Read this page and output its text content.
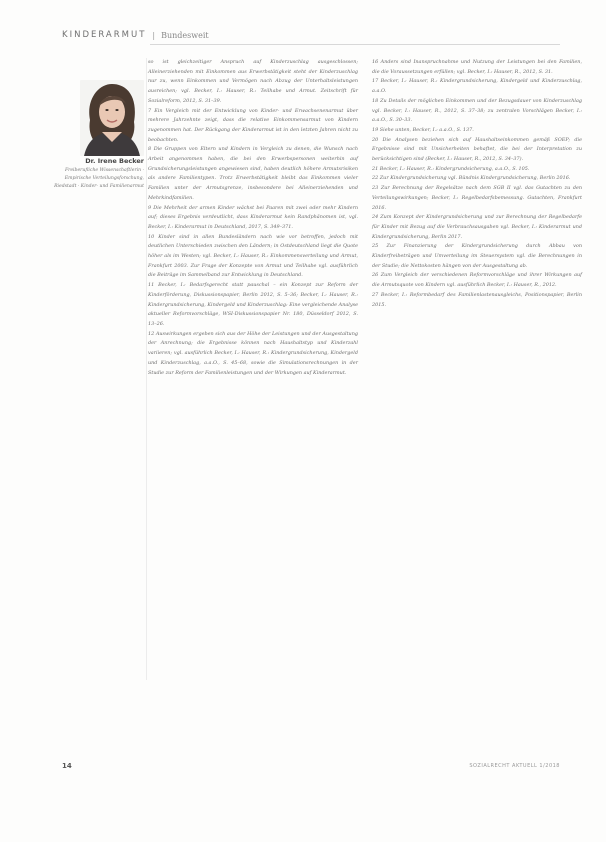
KINDERARMUT | Bundesweit
Dr. Irene Becker
Freiberufliche Wissenschaftlerin · Empirische Verteilungsforschung, Riedstadt · Kinder- und Familienarmut

so ist gleichzeitiger Anspruch auf Kinderzuschlag ausgeschlossen; Alleinerziehenden mit Einkommen aus Erwerbstätigkeit steht der Kinderzuschlag nur zu, wenn Einkommen und Vermögen nach Abzug der Unterhaltsleistungen ausreichen; vgl. Becker, I.: Hauser, R.: Teilhabe und Armut. Zeitschrift für Sozialreform, 2012, S. 31–39.

7 Ein Vergleich mit der Entwicklung von Kinder- und Erwachsenenarmut über mehrere Jahrzehnte zeigt, dass die relative Einkommensarmut von Kindern zugenommen hat. Der Rückgang der Kinderarmut ist in den letzten Jahren nicht zu beobachten.

8 Die Gruppen von Eltern und Kindern in Vergleich zu denen, die Wunsch nach Arbeit angenommen haben, die bei den Erwerbspersonen weiterhin auf Grundsicherungsleistungen angewiesen sind, haben deutlich höhere Armutsrisiken als andere Familientypen. Trotz Erwerbstätigkeit bleibt das Einkommen vieler Familien unter der Armutsgrenze, insbesondere bei Alleinerziehenden und Mehrkindfamilien.

9 Die Mehrheit der armen Kinder wächst bei Paaren mit zwei oder mehr Kindern auf; dieses Ergebnis verdeutlicht, dass Kinderarmut kein Randphänomen ist, vgl. Becker, I.: Kinderarmut in Deutschland, 2017, S. 349–371.

10 Kinder sind in allen Bundesländern nach wie vor betroffen, jedoch mit deutlichen Unterschieden zwischen den Ländern; in Ostdeutschland liegt die Quote höher als im Westen; vgl. Becker, I.: Hauser, R.: Einkommensverteilung und Armut, Frankfurt 2003. Zur Frage der Konzepte von Armut und Teilhabe vgl. ausführlich die Beiträge im Sammelband zur Entwicklung in Deutschland.

11 Becker, I.: Bedarfsgerecht statt pauschal – ein Konzept zur Reform der Kinderförderung, Diskussionspapier, Berlin 2012, S. 5–36; Becker, I.: Hauser, R.: Kindergrundsicherung, Kindergeld und Kinderzuschlag: Eine vergleichende Analyse aktueller Reformvorschläge, WSI-Diskussionspapier Nr. 180, Düsseldorf 2012, S. 13–26.

12 Auswirkungen ergeben sich aus der Höhe der Leistungen und der Ausgestaltung der Anrechnung; die Ergebnisse können nach Haushaltstyp und Kinderzahl variieren; vgl. ausführlich Becker, I.: Hauser, R.: Kindergrundsicherung, Kindergeld und Kinderzuschlag, a.a.O., S. 45–68, sowie die Simulationsrechnungen in der Studie zur Reform der Familienleistungen und der Wirkungen auf Kinderarmut.

16 Anders sind Inanspruchnahme und Nutzung der Leistungen bei den Familien, die die Voraussetzungen erfüllen; vgl. Becker, I.: Hauser, R., 2012, S. 31.

17 Becker, I.: Hauser, R.: Kindergrundsicherung, Kindergeld und Kinderzuschlag, a.a.O.

18 Zu Details der möglichen Einkommen und der Bezugsdauer von Kinderzuschlag vgl. Becker, I.: Hauser, R., 2012, S. 37–38; zu zentralen Vorschlägen Becker, I.: a.a.O., S. 30–33.

19 Siehe unten, Becker, I.: a.a.O., S. 137.

20 Die Analysen beziehen sich auf Haushaltseinkommen gemäß SOEP; die Ergebnisse sind mit Unsicherheiten behaftet, die bei der Interpretation zu berücksichtigen sind (Becker, I.: Hauser, R., 2012, S. 34–37).

21 Becker, I.: Hauser, R.: Kindergrundsicherung, a.a.O., S. 105.

22 Zur Kindergrundsicherung vgl. Bündnis Kindergrundsicherung, Berlin 2016.

23 Zur Berechnung der Regelsätze nach dem SGB II vgl. das Gutachten zu den Verteilungswirkungen; Becker, I.: Regelbedarfsbemessung. Gutachten, Frankfurt 2016.

24 Zum Konzept der Kindergrundsicherung und zur Berechnung der Regelbedarfe für Kinder mit Bezug auf die Verbrauchsausgaben vgl. Becker, I.: Kinderarmut und Kindergrundsicherung, Berlin 2017.

25 Zur Finanzierung der Kindergrundsicherung durch Abbau von Kinderfreibeträgen und Umverteilung im Steuersystem vgl. die Berechnungen in der Studie; die Nettokosten hängen von der Ausgestaltung ab.

26 Zum Vergleich der verschiedenen Reformvorschläge und ihrer Wirkungen auf die Armutsquote von Kindern vgl. ausführlich Becker, I.: Hauser, R., 2012.

27 Becker, I.: Reformbedarf des Familienlastenausgleichs, Positionspapier, Berlin 2015.

14	SOZIALRECHT AKTUELL 1/2018
